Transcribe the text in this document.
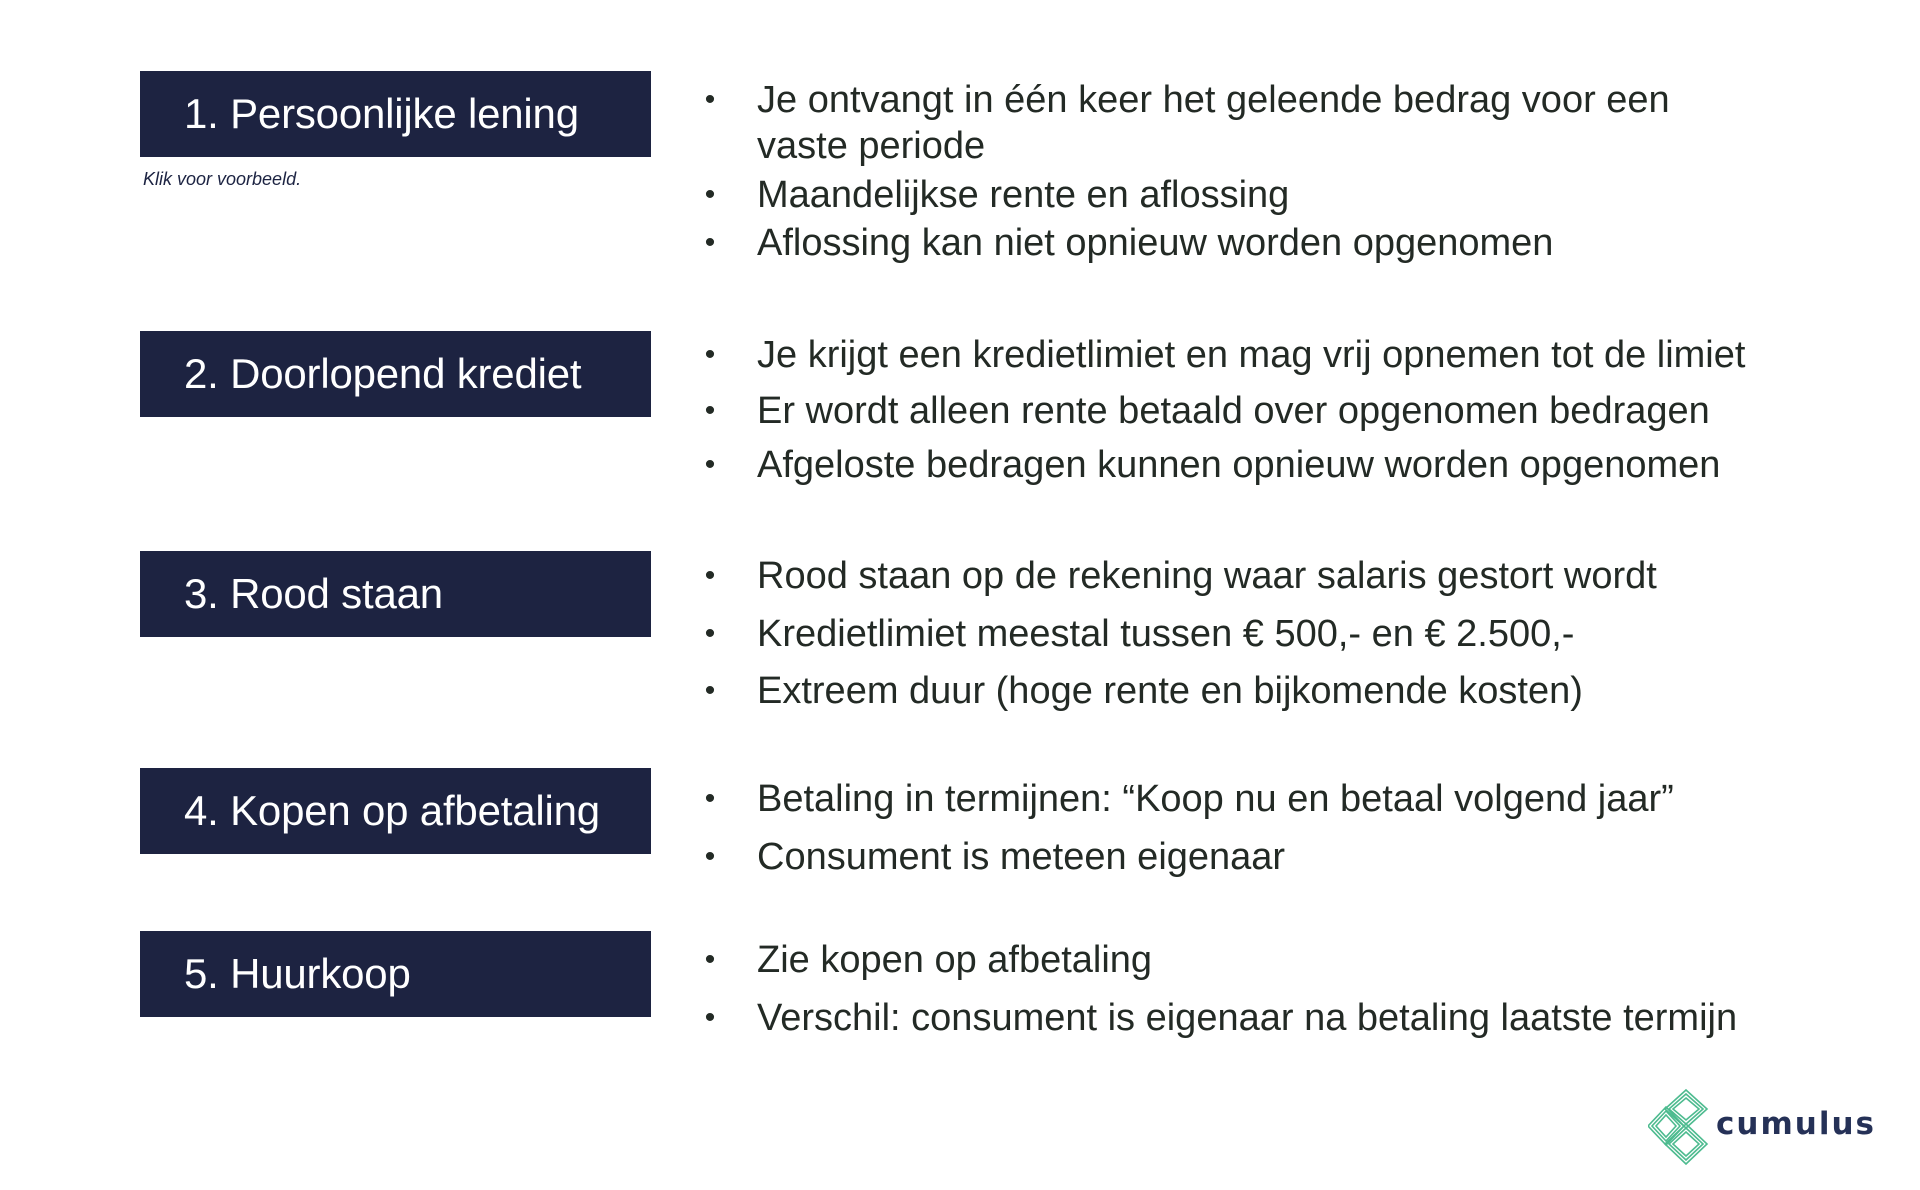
1. Persoonlijke lening
Klik voor voorbeeld.
• Je ontvangt in één keer het geleende bedrag voor een
vaste periode
• Maandelijkse rente en aflossing
• Aflossing kan niet opnieuw worden opgenomen
2. Doorlopend krediet	• Je krijgt een kredietlimiet en mag vrij opnemen tot de limiet
• Er wordt alleen rente betaald over opgenomen bedragen
• Afgeloste bedragen kunnen opnieuw worden opgenomen
3. Rood staan	• Rood staan op de rekening waar salaris gestort wordt
• Kredietlimiet meestal tussen € 500,- en € 2.500,-
• Extreem duur (hoge rente en bijkomende kosten)
4. Kopen op afbetaling	• Betaling in termijnen: “Koop nu en betaal volgend jaar”
• Consument is meteen eigenaar
5. Huurkoop	• Zie kopen op afbetaling
• Verschil: consument is eigenaar na betaling laatste termijn
cumulus
